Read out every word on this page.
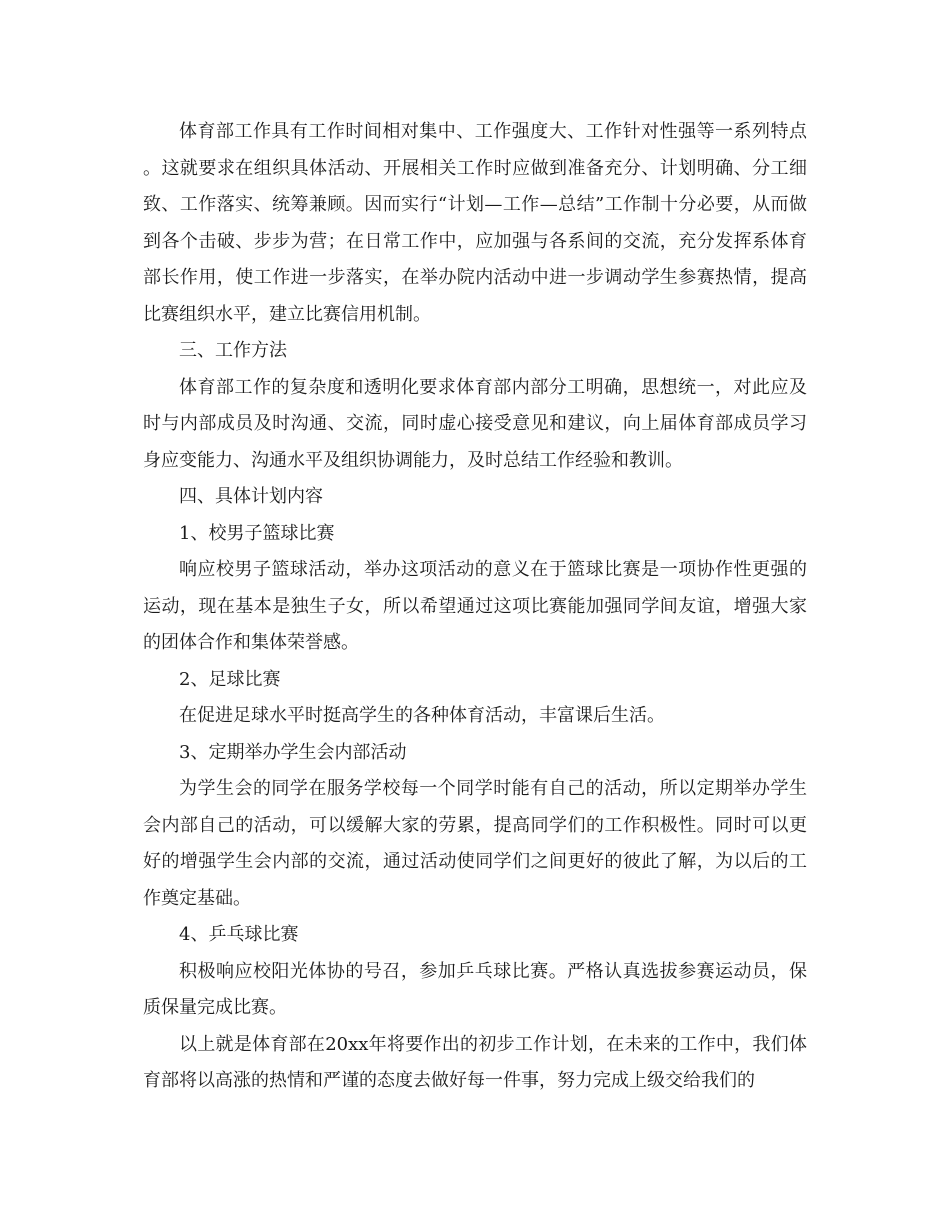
体育部工作具有工作时间相对集中、工作强度大、工作针对性强等一系列特点。这就要求在组织具体活动、开展相关工作时应做到准备充分、计划明确、分工细致、工作落实、统筹兼顾。因而实行“计划—工作—总结”工作制十分必要，从而做到各个击破、步步为营；在日常工作中，应加强与各系间的交流，充分发挥系体育部长作用，使工作进一步落实，在举办院内活动中进一步调动学生参赛热情，提高比赛组织水平，建立比赛信用机制。

三、工作方法

体育部工作的复杂度和透明化要求体育部内部分工明确，思想统一，对此应及时与内部成员及时沟通、交流，同时虚心接受意见和建议，向上届体育部成员学习身应变能力、沟通水平及组织协调能力，及时总结工作经验和教训。

四、具体计划内容

1、校男子篮球比赛

响应校男子篮球活动，举办这项活动的意义在于篮球比赛是一项协作性更强的运动，现在基本是独生子女，所以希望通过这项比赛能加强同学间友谊，增强大家的团体合作和集体荣誉感。

2、足球比赛

在促进足球水平时挺高学生的各种体育活动，丰富课后生活。

3、定期举办学生会内部活动

为学生会的同学在服务学校每一个同学时能有自己的活动，所以定期举办学生会内部自己的活动，可以缓解大家的劳累，提高同学们的工作积极性。同时可以更好的增强学生会内部的交流，通过活动使同学们之间更好的彼此了解，为以后的工作奠定基础。

4、乒乓球比赛

积极响应校阳光体协的号召，参加乒乓球比赛。严格认真选拔参赛运动员，保质保量完成比赛。

以上就是体育部在20xx年将要作出的初步工作计划，在未来的工作中，我们体育部将以高涨的热情和严谨的态度去做好每一件事，努力完成上级交给我们的
